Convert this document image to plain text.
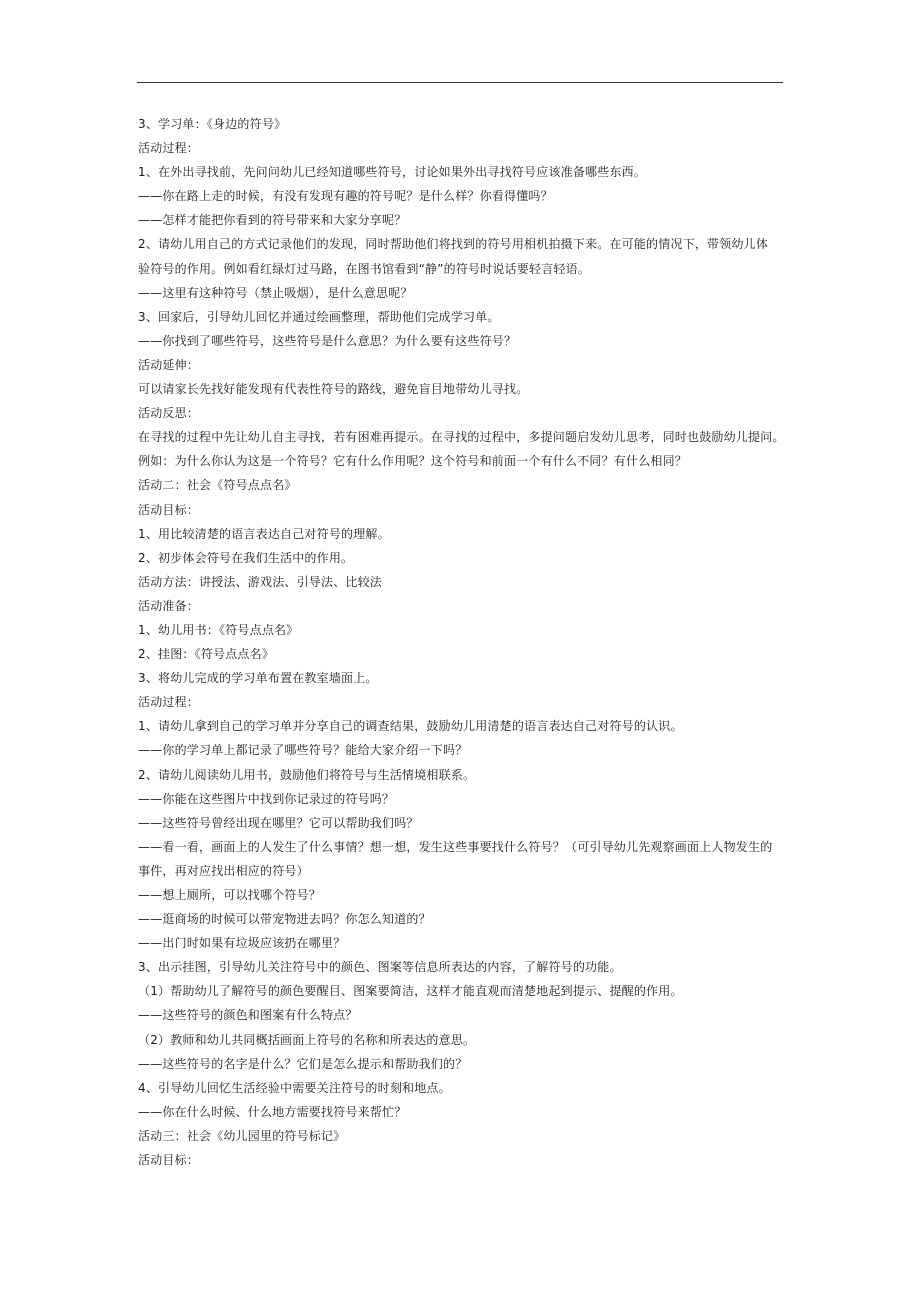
3、学习单：《身边的符号》
活动过程：
1、在外出寻找前，先问问幼儿已经知道哪些符号，讨论如果外出寻找符号应该准备哪些东西。
——你在路上走的时候，有没有发现有趣的符号呢？是什么样？你看得懂吗？
——怎样才能把你看到的符号带来和大家分享呢？
2、请幼儿用自己的方式记录他们的发现，同时帮助他们将找到的符号用相机拍摄下来。在可能的情况下，带领幼儿体
验符号的作用。例如看红绿灯过马路，在图书馆看到“静”的符号时说话要轻言轻语。
——这里有这种符号（禁止吸烟），是什么意思呢？
3、回家后，引导幼儿回忆并通过绘画整理，帮助他们完成学习单。
——你找到了哪些符号，这些符号是什么意思？为什么要有这些符号？
活动延伸：
可以请家长先找好能发现有代表性符号的路线，避免盲目地带幼儿寻找。
活动反思：
在寻找的过程中先让幼儿自主寻找，若有困难再提示。在寻找的过程中，多提问题启发幼儿思考，同时也鼓励幼儿提问。
例如：为什么你认为这是一个符号？它有什么作用呢？这个符号和前面一个有什么不同？有什么相同？
活动二：社会《符号点点名》
活动目标：
1、用比较清楚的语言表达自己对符号的理解。
2、初步体会符号在我们生活中的作用。
活动方法：讲授法、游戏法、引导法、比较法
活动准备：
1、幼儿用书：《符号点点名》
2、挂图：《符号点点名》
3、将幼儿完成的学习单布置在教室墙面上。
活动过程：
1、请幼儿拿到自己的学习单并分享自己的调查结果，鼓励幼儿用清楚的语言表达自己对符号的认识。
——你的学习单上都记录了哪些符号？能给大家介绍一下吗？
2、请幼儿阅读幼儿用书，鼓励他们将符号与生活情境相联系。
——你能在这些图片中找到你记录过的符号吗？
——这些符号曾经出现在哪里？它可以帮助我们吗？
——看一看，画面上的人发生了什么事情？想一想，发生这些事要找什么符号？（可引导幼儿先观察画面上人物发生的
事件，再对应找出相应的符号）
——想上厕所，可以找哪个符号？
——逛商场的时候可以带宠物进去吗？你怎么知道的？
——出门时如果有垃圾应该扔在哪里？
3、出示挂图，引导幼儿关注符号中的颜色、图案等信息所表达的内容，了解符号的功能。
（1）帮助幼儿了解符号的颜色要醒目、图案要简洁，这样才能直观而清楚地起到提示、提醒的作用。
——这些符号的颜色和图案有什么特点？
（2）教师和幼儿共同概括画面上符号的名称和所表达的意思。
——这些符号的名字是什么？它们是怎么提示和帮助我们的？
4、引导幼儿回忆生活经验中需要关注符号的时刻和地点。
——你在什么时候、什么地方需要找符号来帮忙？
活动三：社会《幼儿园里的符号标记》
活动目标：
